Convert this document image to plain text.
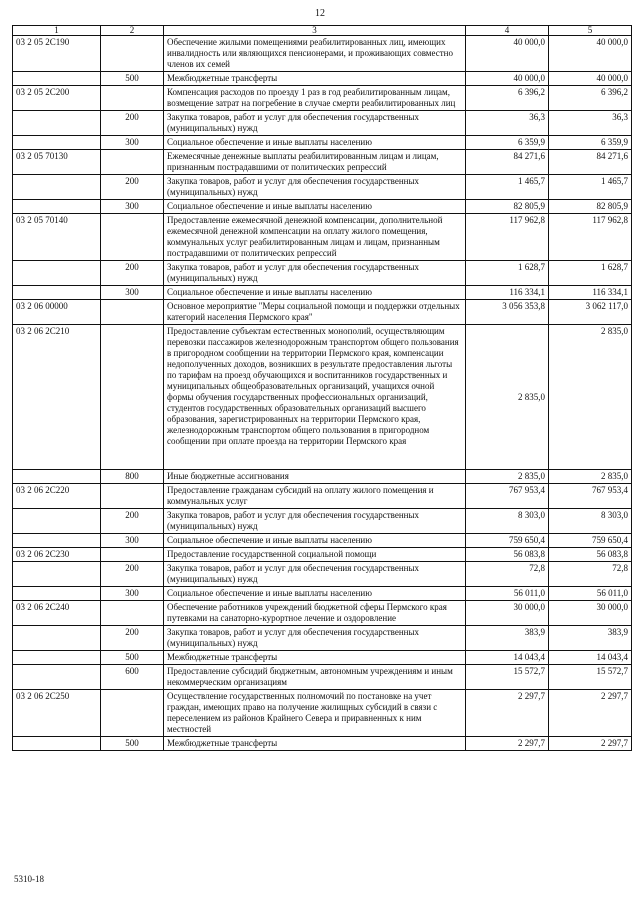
12
1	2	3	4	5
03 2 05 2С190		Обеспечение жилыми помещениями реабилитированных лиц, имеющих инвалидность или являющихся пенсионерами, и проживающих совместно членов их семей	40 000,0	40 000,0
	500	Межбюджетные трансферты	40 000,0	40 000,0
03 2 05 2С200		Компенсация расходов по проезду 1 раз в год реабилитированным лицам, возмещение затрат на погребение в случае смерти реабилитированных лиц	6 396,2	6 396,2
	200	Закупка товаров, работ и услуг для обеспечения государственных (муниципальных) нужд	36,3	36,3
	300	Социальное обеспечение и иные выплаты населению	6 359,9	6 359,9
03 2 05 70130		Ежемесячные денежные выплаты реабилитированным лицам и лицам, признанным пострадавшими от политических репрессий	84 271,6	84 271,6
	200	Закупка товаров, работ и услуг для обеспечения государственных (муниципальных) нужд	1 465,7	1 465,7
	300	Социальное обеспечение и иные выплаты населению	82 805,9	82 805,9
03 2 05 70140		Предоставление ежемесячной денежной компенсации, дополнительной ежемесячной денежной компенсации на оплату жилого помещения, коммунальных услуг реабилитированным лицам и лицам, признанным пострадавшими от политических репрессий	117 962,8	117 962,8
	200	Закупка товаров, работ и услуг для обеспечения государственных (муниципальных) нужд	1 628,7	1 628,7
	300	Социальное обеспечение и иные выплаты населению	116 334,1	116 334,1
03 2 06 00000		Основное мероприятие "Меры социальной помощи и поддержки отдельных категорий населения Пермского края"	3 056 353,8	3 062 117,0
03 2 06 2С210		Предоставление субъектам естественных монополий, осуществляющим перевозки пассажиров железнодорожным транспортом общего пользования в пригородном сообщении на территории Пермского края, компенсации недополученных доходов, возникших в результате предоставления льготы по тарифам на проезд обучающихся и воспитанников государственных и муниципальных общеобразовательных организаций, учащихся очной формы обучения государственных профессиональных организаций, студентов государственных образовательных организаций высшего образования, зарегистрированных на территории Пермского края, железнодорожным транспортом общего пользования в пригородном сообщении при оплате проезда на территории Пермского края	2 835,0	2 835,0
	800	Иные бюджетные ассигнования	2 835,0	2 835,0
03 2 06 2С220		Предоставление гражданам субсидий на оплату жилого помещения и коммунальных услуг	767 953,4	767 953,4
	200	Закупка товаров, работ и услуг для обеспечения государственных (муниципальных) нужд	8 303,0	8 303,0
	300	Социальное обеспечение и иные выплаты населению	759 650,4	759 650,4
03 2 06 2С230		Предоставление государственной социальной помощи	56 083,8	56 083,8
	200	Закупка товаров, работ и услуг для обеспечения государственных (муниципальных) нужд	72,8	72,8
	300	Социальное обеспечение и иные выплаты населению	56 011,0	56 011,0
03 2 06 2С240		Обеспечение работников учреждений бюджетной сферы Пермского края путевками на санаторно-курортное лечение и оздоровление	30 000,0	30 000,0
	200	Закупка товаров, работ и услуг для обеспечения государственных (муниципальных) нужд	383,9	383,9
	500	Межбюджетные трансферты	14 043,4	14 043,4
	600	Предоставление субсидий бюджетным, автономным учреждениям и иным некоммерческим организациям	15 572,7	15 572,7
03 2 06 2С250		Осуществление государственных полномочий по постановке на учет граждан, имеющих право на получение жилищных субсидий в связи с переселением из районов Крайнего Севера и приравненных к ним местностей	2 297,7	2 297,7
	500	Межбюджетные трансферты	2 297,7	2 297,7
5310-18
